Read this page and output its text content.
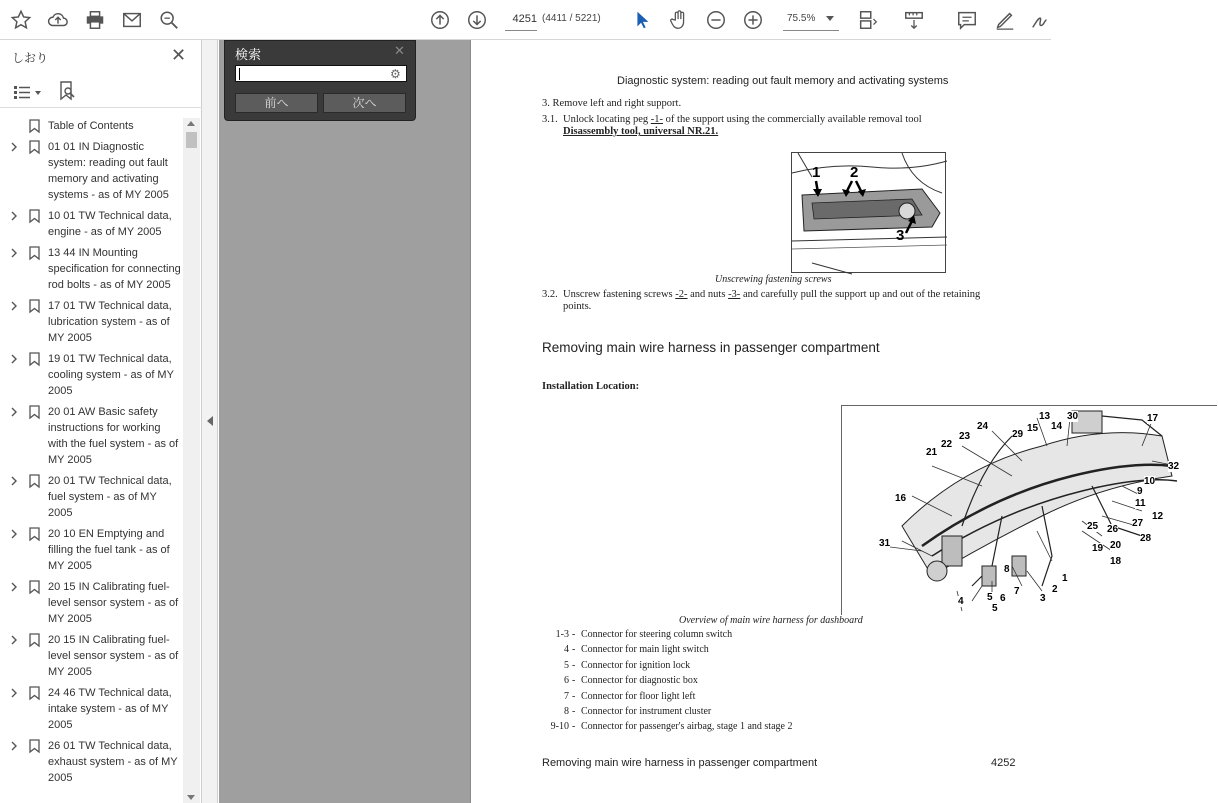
4251 (4411 / 5221)	75.5%
しおり	✕
Table of Contents
01 01 IN Diagnostic system: reading out fault memory and activating systems - as of MY 2005
10 01 TW Technical data, engine - as of MY 2005
13 44 IN Mounting specification for connecting rod bolts - as of MY 2005
17 01 TW Technical data, lubrication system - as of MY 2005
19 01 TW Technical data, cooling system - as of MY 2005
20 01 AW Basic safety instructions for working with the fuel system - as of MY 2005
20 01 TW Technical data, fuel system - as of MY 2005
20 10 EN Emptying and filling the fuel tank - as of MY 2005
20 15 IN Calibrating fuel-level sensor system - as of MY 2005
20 15 IN Calibrating fuel-level sensor system - as of MY 2005
24 46 TW Technical data, intake system - as of MY 2005
26 01 TW Technical data, exhaust system - as of MY 2005
Diagnostic system: reading out fault memory and activating systems
3. Remove left and right support.
3.1. Unlock locating peg -1- of the support using the commercially available removal tool
Disassembly tool, universal NR.21.
1 2
3
Unscrewing fastening screws
3.2. Unscrew fastening screws -2- and nuts -3- and carefully pull the support up and out of the retaining
points.
Removing main wire harness in passenger compartment
Installation Location:
13 30	17
24	15 14
23	29
22
21
32
10
9
16	11
12
25 26
27
28
31	20
19
18
8
2
1
3
7
6
4 5
5
Overview of main wire harness for dashboard
1-3 - Connector for steering column switch
4 - Connector for main light switch
5 - Connector for ignition lock
6 - Connector for diagnostic box
7 - Connector for floor light left
8 - Connector for instrument cluster
9-10 - Connector for passenger's airbag, stage 1 and stage 2
Removing main wire harness in passenger compartment	4252
検索	✕
⚙
前へ	次へ
